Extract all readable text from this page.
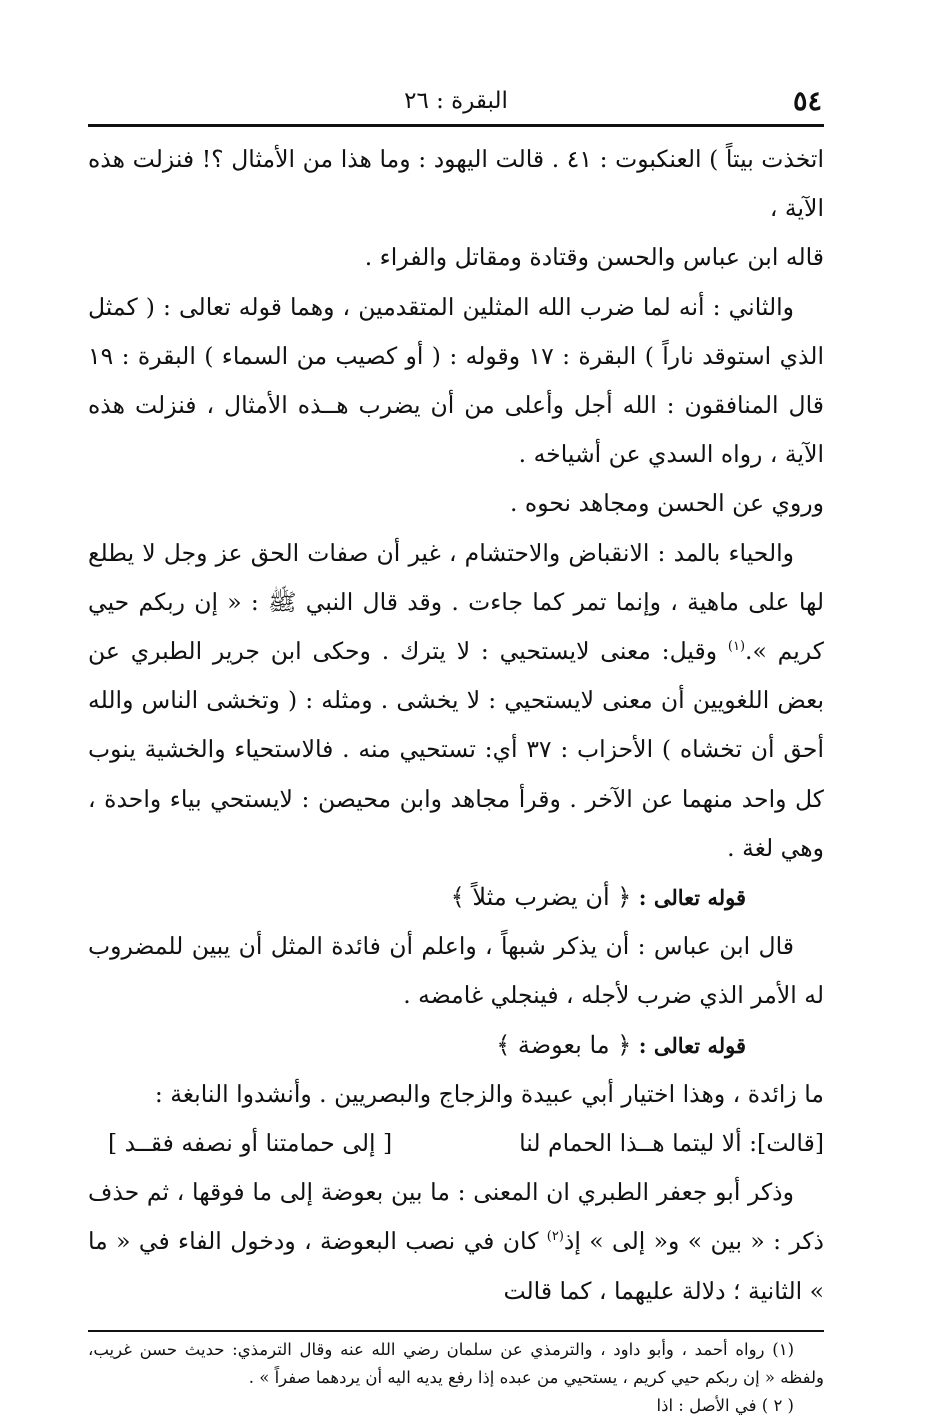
٥٤
البقرة : ٢٦

اتخذت بيتاً ) العنكبوت : ٤١ . قالت اليهود : وما هذا من الأمثال ؟! فنزلت هذه الآية ،

قاله ابن عباس والحسن وقتادة ومقاتل والفراء .

والثاني : أنه لما ضرب الله المثلين المتقدمين ، وهما قوله تعالى : ( كمثل الذي استوقد ناراً ) البقرة : ١٧ وقوله : ( أو كصيب من السماء ) البقرة : ١٩ قال المنافقون : الله أجل وأعلى من أن يضرب هــذه الأمثال ، فنزلت هذه الآية ، رواه السدي عن أشياخه .

وروي عن الحسن ومجاهد نحوه .

والحياء بالمد : الانقباض والاحتشام ، غير أن صفات الحق عز وجل لا يطلع لها على ماهية ، وإنما تمر كما جاءت . وقد قال النبي ﷺ : « إن ربكم حيي كريم ».$^{(١)}$ وقيل: معنى لايستحيي : لا يترك . وحكى ابن جرير الطبري عن بعض اللغويين أن معنى لايستحيي : لا يخشى . ومثله : ( وتخشى الناس والله أحق أن تخشاه ) الأحزاب : ٣٧ أي: تستحيي منه . فالاستحياء والخشية ينوب كل واحد منهما عن الآخر . وقرأ مجاهد وابن محيصن : لايستحي بياء واحدة ، وهي لغة .

قوله تعالى : ﴿ أن يضرب مثلاً ﴾

قال ابن عباس : أن يذكر شبهاً ، واعلم أن فائدة المثل أن يبين للمضروب له الأمر الذي ضرب لأجله ، فينجلي غامضه .

قوله تعالى : ﴿ ما بعوضة ﴾

ما زائدة ، وهذا اختيار أبي عبيدة والزجاج والبصريين . وأنشدوا النابغة :

[قالت]: ألا ليتما هــذا الحمام لنا
[ إلى حمامتنا أو نصفه فقــد ]

وذكر أبو جعفر الطبري ان المعنى : ما بين بعوضة إلى ما فوقها ، ثم حذف ذكر : « بين » و« إلى » إذ$^{(٢)}$ كان في نصب البعوضة ، ودخول الفاء في « ما » الثانية ؛ دلالة عليهما ، كما قالت

(١) رواه أحمد ، وأبو داود ، والترمذي عن سلمان رضي الله عنه وقال الترمذي: حديث حسن غريب، ولفظه « إن ربكم حيي كريم ، يستحيي من عبده إذا رفع يديه اليه أن يردهما صفراً » .

( ٢ ) في الأصل : اذا
